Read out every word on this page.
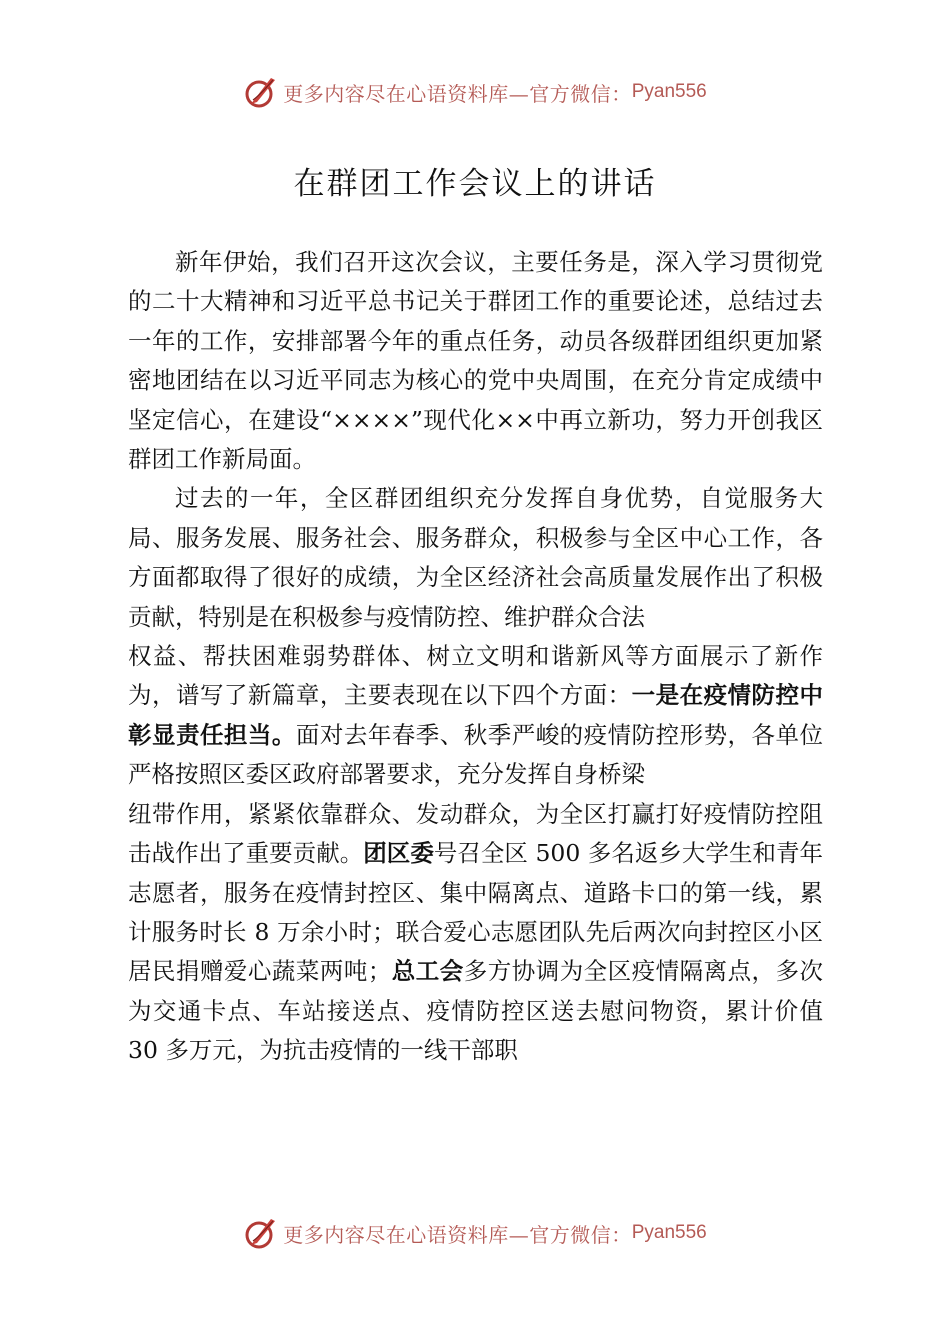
更多内容尽在心语资料库—官方微信： Pyan556
在群团工作会议上的讲话

新年伊始，我们召开这次会议，主要任务是，深入学习贯彻党的二十大精神和习近平总书记关于群团工作的重要论述，总结过去一年的工作，安排部署今年的重点任务，动员各级群团组织更加紧密地团结在以习近平同志为核心的党中央周围，在充分肯定成绩中坚定信心，在建设“××××”现代化××中再立新功，努力开创我区群团工作新局面。

过去的一年，全区群团组织充分发挥自身优势，自觉服务大局、服务发展、服务社会、服务群众，积极参与全区中心工作，各方面都取得了很好的成绩，为全区经济社会高质量发展作出了积极贡献，特别是在积极参与疫情防控、维护群众合法

权益、帮扶困难弱势群体、树立文明和谐新风等方面展示了新作为，谱写了新篇章，主要表现在以下四个方面：一是在疫情防控中彰显责任担当。面对去年春季、秋季严峻的疫情防控形势，各单位严格按照区委区政府部署要求，充分发挥自身桥梁

纽带作用，紧紧依靠群众、发动群众，为全区打赢打好疫情防控阻击战作出了重要贡献。团区委号召全区 500 多名返乡大学生和青年志愿者，服务在疫情封控区、集中隔离点、道路卡口的第一线，累计服务时长 8 万余小时；联合爱心志愿团队先后两次向封控区小区居民捐赠爱心蔬菜两吨；总工会多方协调为全区疫情隔离点，多次为交通卡点、车站接送点、疫情防控区送去慰问物资，累计价值 30 多万元，为抗击疫情的一线干部职

更多内容尽在心语资料库—官方微信： Pyan556
